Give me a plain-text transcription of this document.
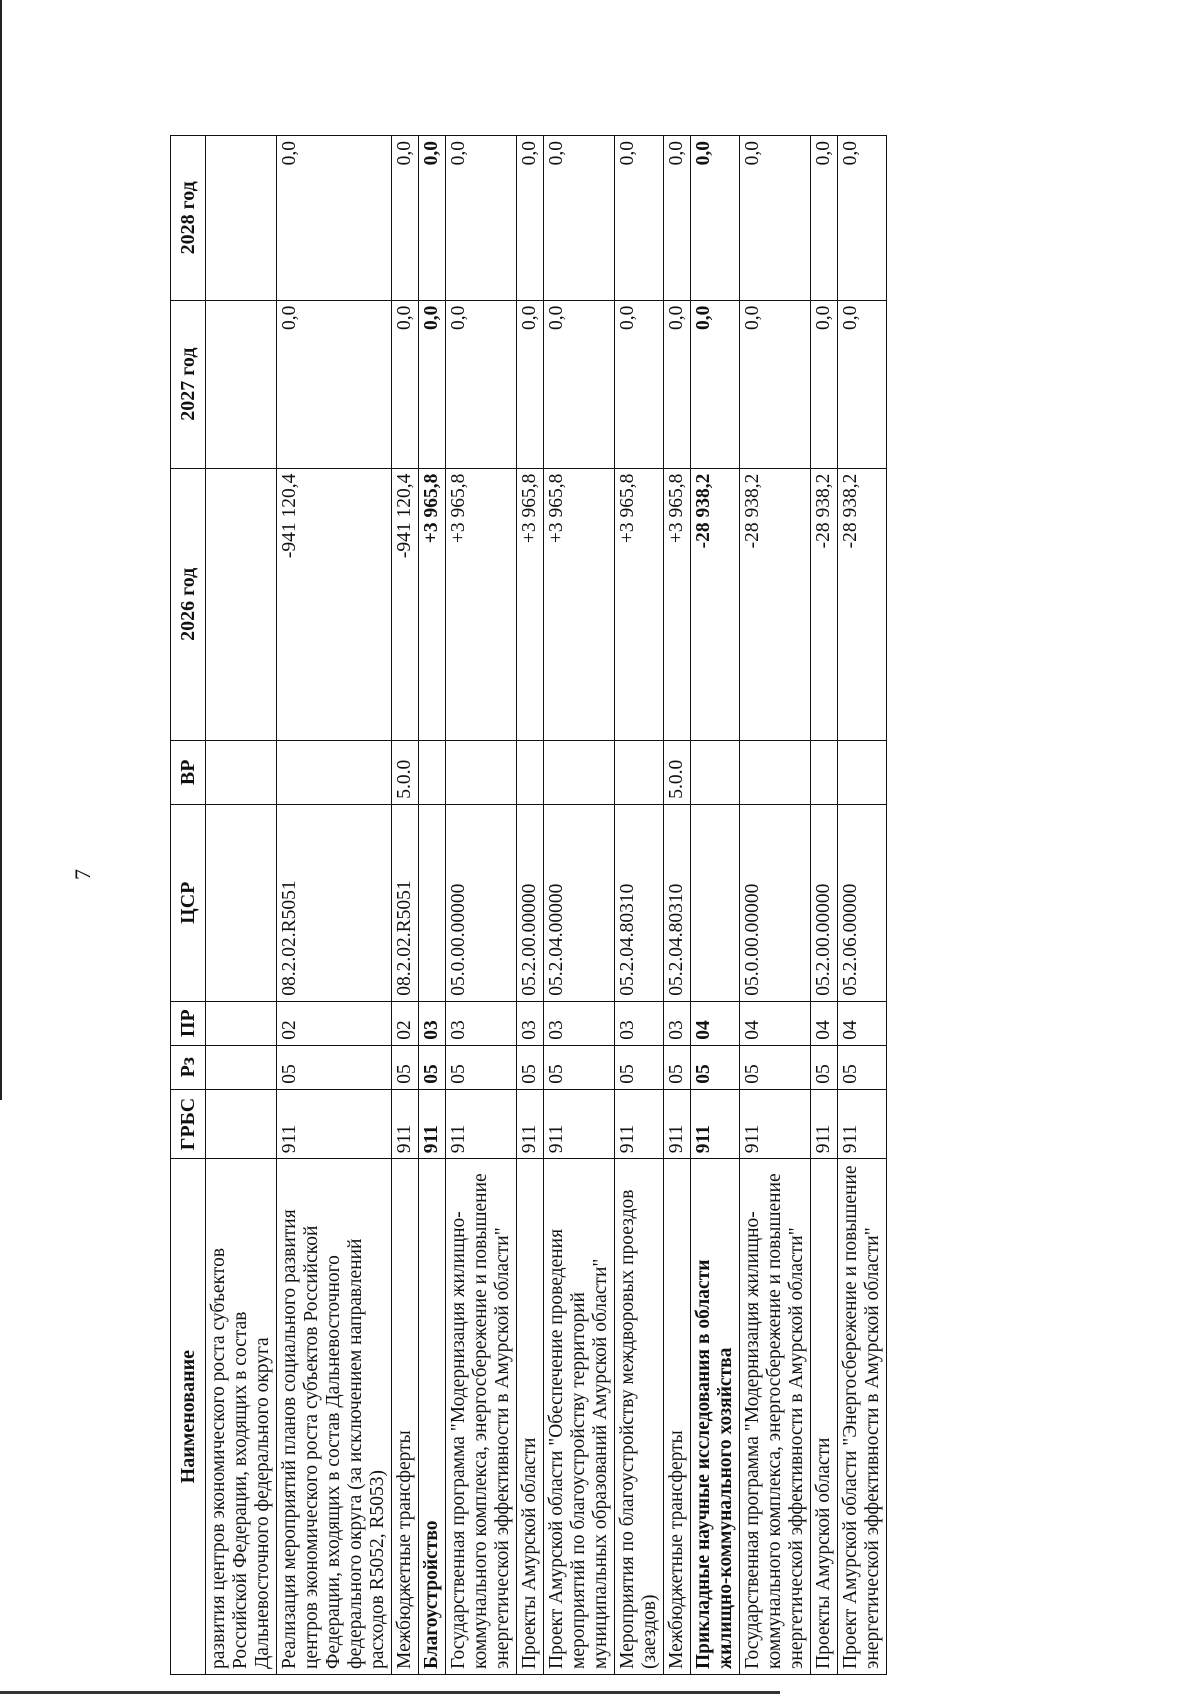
7
Наименование	ГРБС	Рз	ПР	ЦСР	ВР	2026 год	2027 год	2028 год
развития центров экономического роста субъектов Российской Федерации, входящих в состав Дальневосточного федерального округа								
Реализация мероприятий планов социального развития центров экономического роста субъектов Российской Федерации, входящих в состав Дальневосточного федерального округа (за исключением направлений расходов R5052, R5053)	911	05	02	08.2.02.R5051		-941 120,4	0,0	0,0
Межбюджетные трансферты	911	05	02	08.2.02.R5051	5.0.0	-941 120,4	0,0	0,0
Благоустройство	911	05	03			+3 965,8	0,0	0,0
Государственная программа "Модернизация жилищно-коммунального комплекса, энергосбережение и повышение энергетической эффективности в Амурской области"	911	05	03	05.0.00.00000		+3 965,8	0,0	0,0
Проекты Амурской области	911	05	03	05.2.00.00000		+3 965,8	0,0	0,0
Проект Амурской области "Обеспечение проведения мероприятий по благоустройству территорий муниципальных образований Амурской области"	911	05	03	05.2.04.00000		+3 965,8	0,0	0,0
Мероприятия по благоустройству междворовых проездов (заездов)	911	05	03	05.2.04.80310		+3 965,8	0,0	0,0
Межбюджетные трансферты	911	05	03	05.2.04.80310	5.0.0	+3 965,8	0,0	0,0
Прикладные научные исследования в области жилищно-коммунального хозяйства	911	05	04			-28 938,2	0,0	0,0
Государственная программа "Модернизация жилищно-коммунального комплекса, энергосбережение и повышение энергетической эффективности в Амурской области"	911	05	04	05.0.00.00000		-28 938,2	0,0	0,0
Проекты Амурской области	911	05	04	05.2.00.00000		-28 938,2	0,0	0,0
Проект Амурской области "Энергосбережение и повышение энергетической эффективности в Амурской области"	911	05	04	05.2.06.00000		-28 938,2	0,0	0,0
